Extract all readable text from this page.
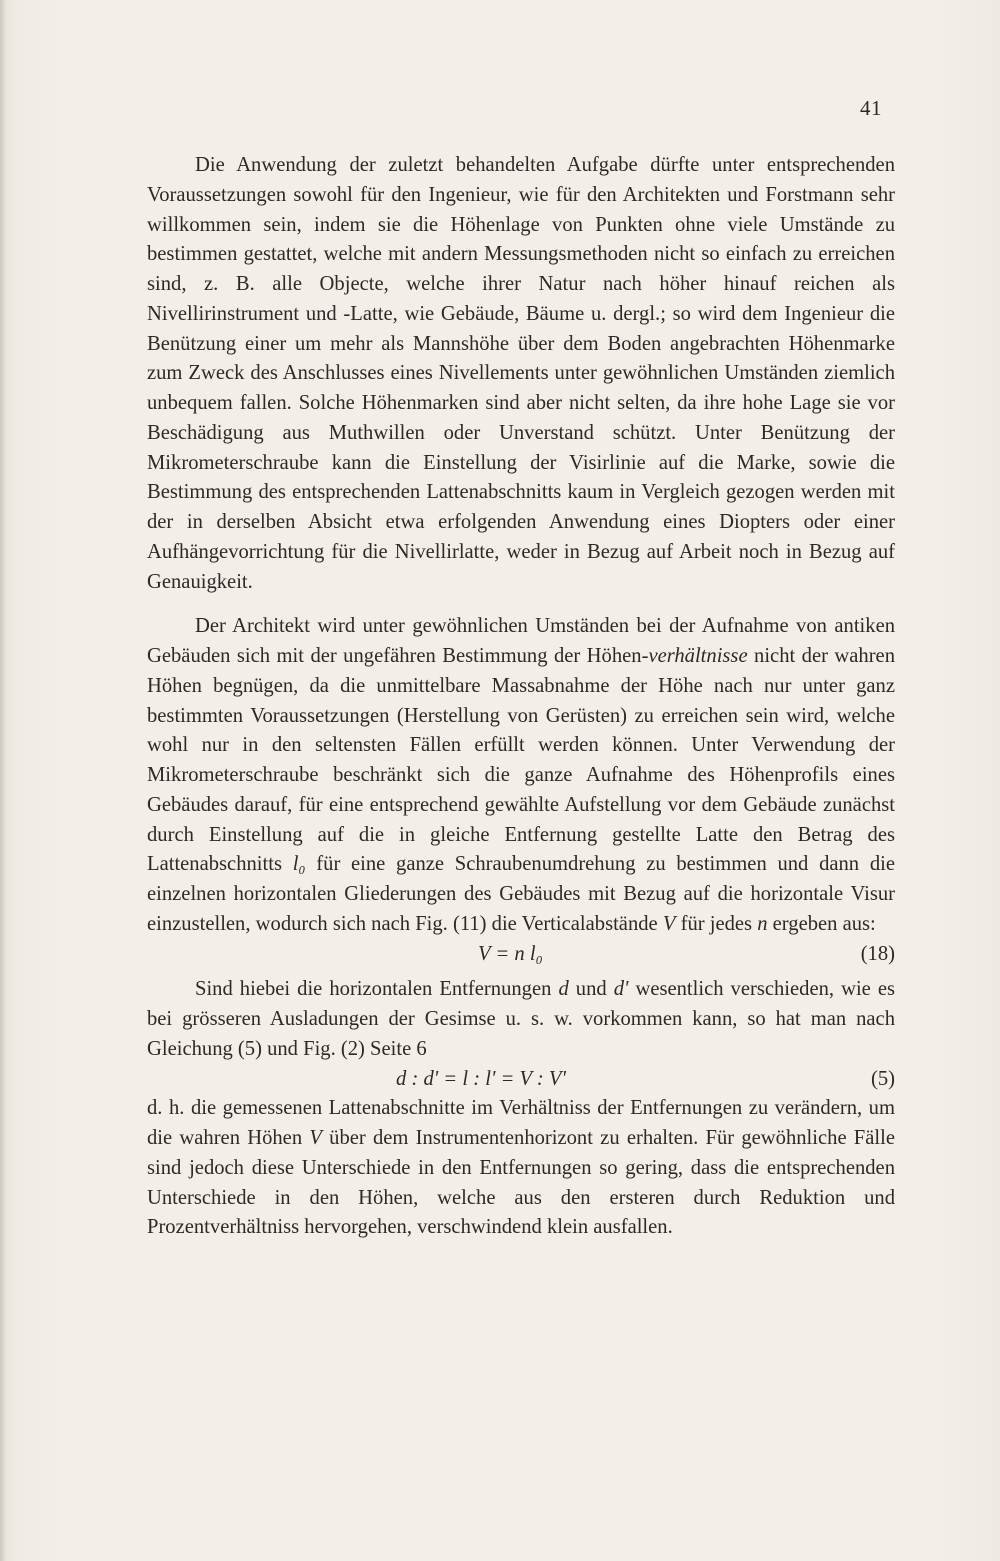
41

Die Anwendung der zuletzt behandelten Aufgabe dürfte unter entsprechenden Voraussetzungen sowohl für den Ingenieur, wie für den Architekten und Forstmann sehr willkommen sein, indem sie die Höhenlage von Punkten ohne viele Umstände zu bestimmen gestattet, welche mit andern Messungsmethoden nicht so einfach zu erreichen sind, z. B. alle Objecte, welche ihrer Natur nach höher hinauf reichen als Nivellirinstrument und -Latte, wie Gebäude, Bäume u. dergl.; so wird dem Ingenieur die Benützung einer um mehr als Mannshöhe über dem Boden angebrachten Höhenmarke zum Zweck des Anschlusses eines Nivellements unter gewöhnlichen Umständen ziemlich unbequem fallen. Solche Höhenmarken sind aber nicht selten, da ihre hohe Lage sie vor Beschädigung aus Muthwillen oder Unverstand schützt. Unter Benützung der Mikrometerschraube kann die Einstellung der Visirlinie auf die Marke, sowie die Bestimmung des entsprechenden Lattenabschnitts kaum in Vergleich gezogen werden mit der in derselben Absicht etwa erfolgenden Anwendung eines Diopters oder einer Aufhängevorrichtung für die Nivellirlatte, weder in Bezug auf Arbeit noch in Bezug auf Genauigkeit.

Der Architekt wird unter gewöhnlichen Umständen bei der Aufnahme von antiken Gebäuden sich mit der ungefähren Bestimmung der Höhen-verhältnisse nicht der wahren Höhen begnügen, da die unmittelbare Massabnahme der Höhe nach nur unter ganz bestimmten Voraussetzungen (Herstellung von Gerüsten) zu erreichen sein wird, welche wohl nur in den seltensten Fällen erfüllt werden können. Unter Verwendung der Mikrometerschraube beschränkt sich die ganze Aufnahme des Höhenprofils eines Gebäudes darauf, für eine entsprechend gewählte Aufstellung vor dem Gebäude zunächst durch Einstellung auf die in gleiche Entfernung gestellte Latte den Betrag des Lattenabschnitts l₀ für eine ganze Schraubenumdrehung zu bestimmen und dann die einzelnen horizontalen Gliederungen des Gebäudes mit Bezug auf die horizontale Visur einzustellen, wodurch sich nach Fig. (11) die Verticalabstände V für jedes n ergeben aus:

V = n l₀	(18)

Sind hiebei die horizontalen Entfernungen d und d' wesentlich verschieden, wie es bei grösseren Ausladungen der Gesimse u. s. w. vorkommen kann, so hat man nach Gleichung (5) und Fig. (2) Seite 6

d : d' = l : l' = V : V'	(5)

d. h. die gemessenen Lattenabschnitte im Verhältniss der Entfernungen zu verändern, um die wahren Höhen V über dem Instrumentenhorizont zu erhalten. Für gewöhnliche Fälle sind jedoch diese Unterschiede in den Entfernungen so gering, dass die entsprechenden Unterschiede in den Höhen, welche aus den ersteren durch Reduktion und Prozentverhältniss hervorgehen, verschwindend klein ausfallen.
